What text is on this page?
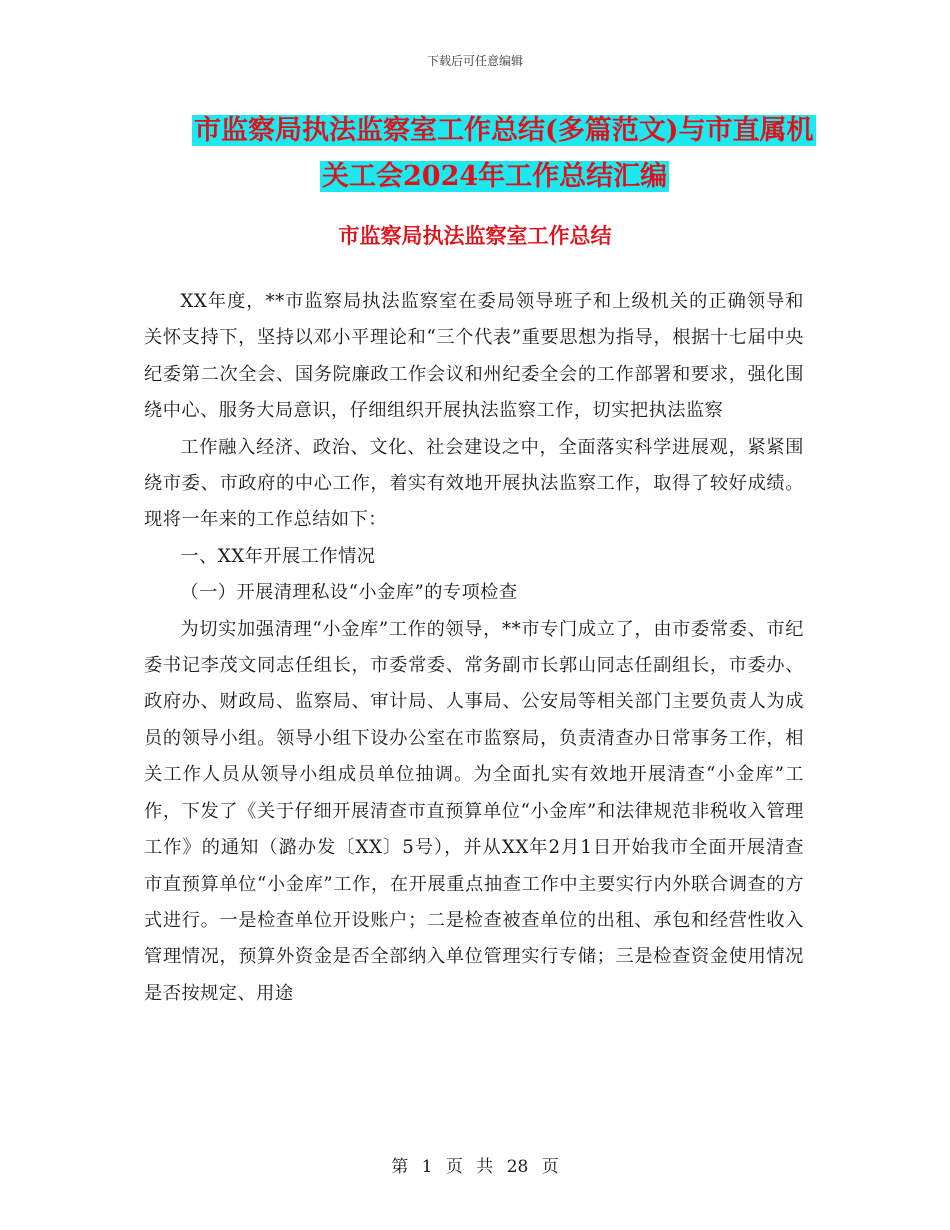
下载后可任意编辑
市监察局执法监察室工作总结(多篇范文)与市直属机
关工会2024年工作总结汇编
市监察局执法监察室工作总结

XX年度，**市监察局执法监察室在委局领导班子和上级机关的正确领导和关怀支持下，坚持以邓小平理论和“三个代表”重要思想为指导，根据十七届中央纪委第二次全会、国务院廉政工作会议和州纪委全会的工作部署和要求，强化围绕中心、服务大局意识，仔细组织开展执法监察工作，切实把执法监察

工作融入经济、政治、文化、社会建设之中，全面落实科学进展观，紧紧围绕市委、市政府的中心工作，着实有效地开展执法监察工作，取得了较好成绩。现将一年来的工作总结如下：

一、XX年开展工作情况

（一）开展清理私设“小金库”的专项检查

为切实加强清理“小金库”工作的领导，**市专门成立了，由市委常委、市纪委书记李茂文同志任组长，市委常委、常务副市长郭山同志任副组长，市委办、政府办、财政局、监察局、审计局、人事局、公安局等相关部门主要负责人为成员的领导小组。领导小组下设办公室在市监察局，负责清查办日常事务工作，相关工作人员从领导小组成员单位抽调。为全面扎实有效地开展清查“小金库”工作，下发了《关于仔细开展清查市直预算单位“小金库”和法律规范非税收入管理工作》的通知（潞办发〔XX〕5号），并从XX年2月1日开始我市全面开展清查市直预算单位“小金库”工作，在开展重点抽查工作中主要实行内外联合调查的方式进行。一是检查单位开设账户；二是检查被查单位的出租、承包和经营性收入管理情况，预算外资金是否全部纳入单位管理实行专储；三是检查资金使用情况是否按规定、用途

第 1 页 共 28 页
